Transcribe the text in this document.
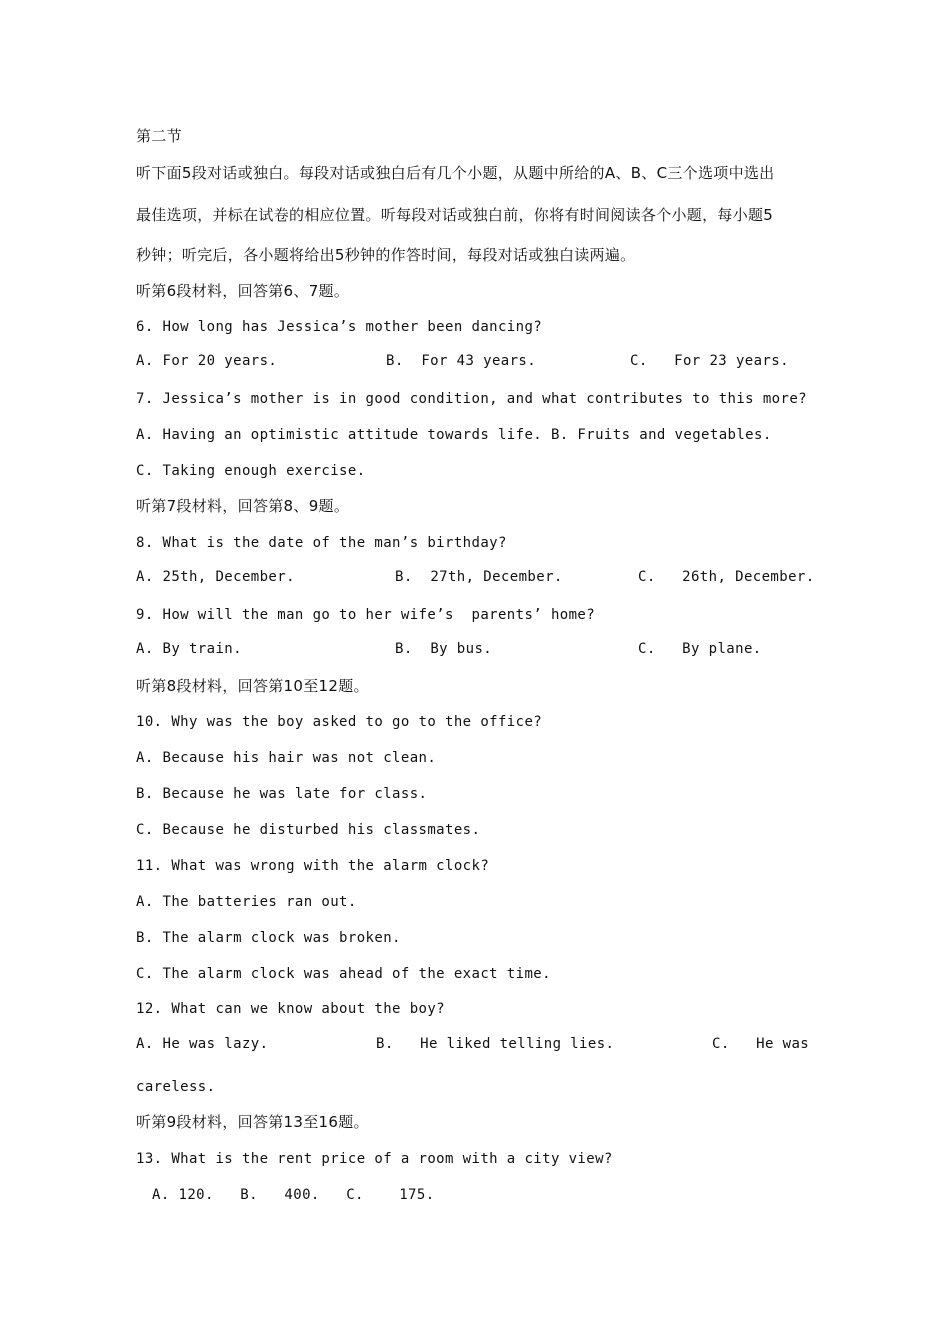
第二节
听下面5段对话或独白。每段对话或独白后有几个小题，从题中所给的A、B、C三个选项中选出
最佳选项，并标在试卷的相应位置。听每段对话或独白前，你将有时间阅读各个小题，每小题5
秒钟；听完后，各小题将给出5秒钟的作答时间，每段对话或独白读两遍。
听第6段材料，回答第6、7题。
6. How long has Jessica’s mother been dancing?

A. For 20 years.

	B.  For 43 years.

	C.   For 23 years.

7. Jessica’s mother is in good condition, and what contributes to this more?
A. Having an optimistic attitude towards life. B. Fruits and vegetables.
C. Taking enough exercise.
听第7段材料，回答第8、9题。
8. What is the date of the man’s birthday?

A. 25th, December.

	B.  27th, December.

	C.   26th, December.

9. How will the man go to her wife’s  parents’ home?

A. By train.

	B.  By bus.

	C.   By plane.

听第8段材料，回答第10至12题。
10. Why was the boy asked to go to the office?
A. Because his hair was not clean.
B. Because he was late for class.
C. Because he disturbed his classmates.
11. What was wrong with the alarm clock?
A. The batteries ran out.
B. The alarm clock was broken.
C. The alarm clock was ahead of the exact time.
12. What can we know about the boy?

A. He was lazy.

	B.   He liked telling lies.

	C.   He was

careless.
听第9段材料，回答第13至16题。
13. What is the rent price of a room with a city view?
A. 120.   B.   400.   C.    175.
